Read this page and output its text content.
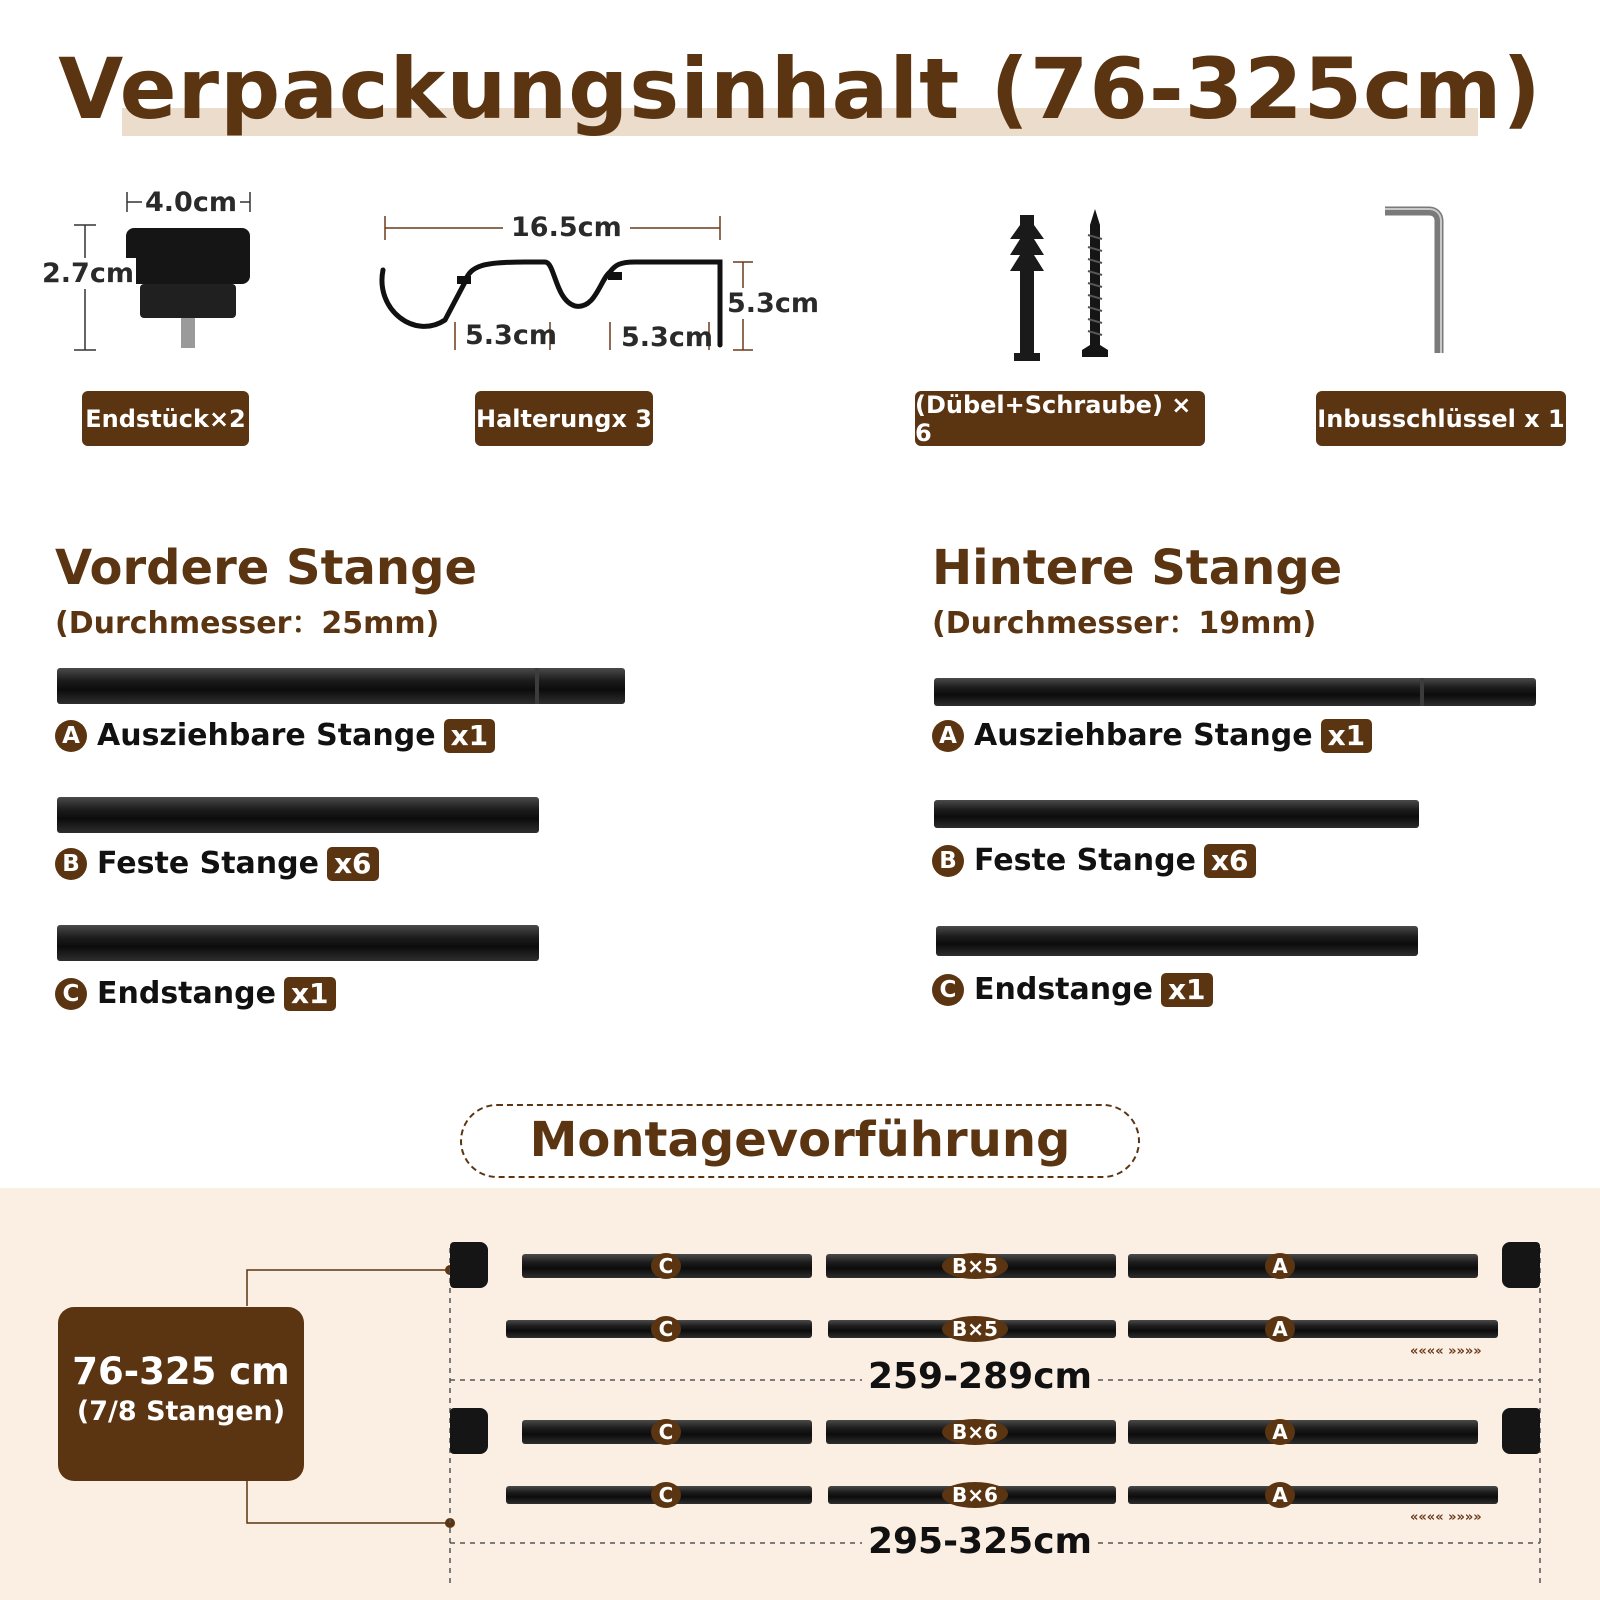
Verpackungsinhalt (76-325cm)
4.0cm
2.7cm
Endstück×2
16.5cm
5.3cm 5.3cm
5.3cm
Halterungx 3	(Dübel+Schraube) × 6	Inbusschlüssel x 1
Vordere Stange
(Durchmesser：25mm)
A Ausziehbare Stange x1
B Feste Stange x6
C Endstange x1
Hintere Stange
(Durchmesser：19mm)
A Ausziehbare Stange x1
B Feste Stange x6
C Endstange x1
Montagevorführung
76-325 cm
(7/8 Stangen)
C	B×5	A
C	B×5	A
«««« »»»»
259-289cm
C	B×6	A
C	B×6	A
«««« »»»»
295-325cm
